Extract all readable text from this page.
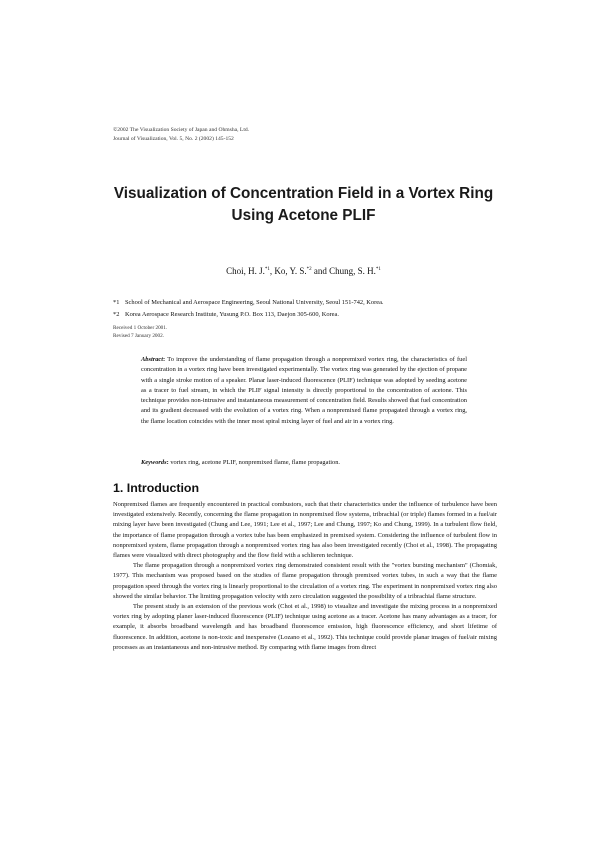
©2002 The Visualization Society of Japan and Ohmsha, Ltd.
Journal of Visualization, Vol. 5, No. 2 (2002) 145-152
Visualization of Concentration Field in a Vortex Ring
Using Acetone PLIF
Choi, H. J.$^{*1}$, Ko, Y. S.$^{*2}$ and Chung, S. H.$^{*1}$
*1 School of Mechanical and Aerospace Engineering, Seoul National University, Seoul 151-742, Korea.
*2 Korea Aerospace Research Institute, Yusung P.O. Box 113, Daejon 305-600, Korea.
Received 1 October 2001.
Revised 7 January 2002.
Abstract: To improve the understanding of flame propagation through a nonpremixed vortex ring, the characteristics of fuel concentration in a vortex ring have been investigated experimentally. The vortex ring was generated by the ejection of propane with a single stroke motion of a speaker. Planar laser-induced fluorescence (PLIF) technique was adopted by seeding acetone as a tracer to fuel stream, in which the PLIF signal intensity is directly proportional to the concentration of acetone. This technique provides non-intrusive and instantaneous measurement of concentration field. Results showed that fuel concentration and its gradient decreased with the evolution of a vortex ring. When a nonpremixed flame propagated through a vortex ring, the flame location coincides with the inner most spiral mixing layer of fuel and air in a vortex ring.
Keywords: vortex ring, acetone PLIF, nonpremixed flame, flame propagation.
1. Introduction

Nonpremixed flames are frequently encountered in practical combustors, such that their characteristics under the influence of turbulence have been investigated extensively. Recently, concerning the flame propagation in nonpremixed flow systems, tribrachial (or triple) flames formed in a fuel/air mixing layer have been investigated (Chung and Lee, 1991; Lee et al., 1997; Lee and Chung, 1997; Ko and Chung, 1999). In a turbulent flow field, the importance of flame propagation through a vortex tube has been emphasized in premixed system. Considering the influence of turbulent flow in nonpremixed system, flame propagation through a nonpremixed vortex ring has also been investigated recently (Choi et al., 1998). The propagating flames were visualized with direct photography and the flow field with a schlieren technique.

The flame propagation through a nonpremixed vortex ring demonstrated consistent result with the "vortex bursting mechanism" (Chomiak, 1977). This mechanism was proposed based on the studies of flame propagation through premixed vortex tubes, in such a way that the flame propagation speed through the vortex ring is linearly proportional to the circulation of a vortex ring. The experiment in nonpremixed vortex ring also showed the similar behavior. The limiting propagation velocity with zero circulation suggested the possibility of a tribrachial flame structure.

The present study is an extension of the previous work (Choi et al., 1998) to visualize and investigate the mixing process in a nonpremixed vortex ring by adopting planer laser-induced fluorescence (PLIF) technique using acetone as a tracer. Acetone has many advantages as a tracer, for example, it absorbs broadband wavelength and has broadband fluorescence emission, high fluorescence efficiency, and short lifetime of fluorescence. In addition, acetone is non-toxic and inexpensive (Lozano et al., 1992). This technique could provide planar images of fuel/air mixing processes as an instantaneous and non-intrusive method. By comparing with flame images from direct
